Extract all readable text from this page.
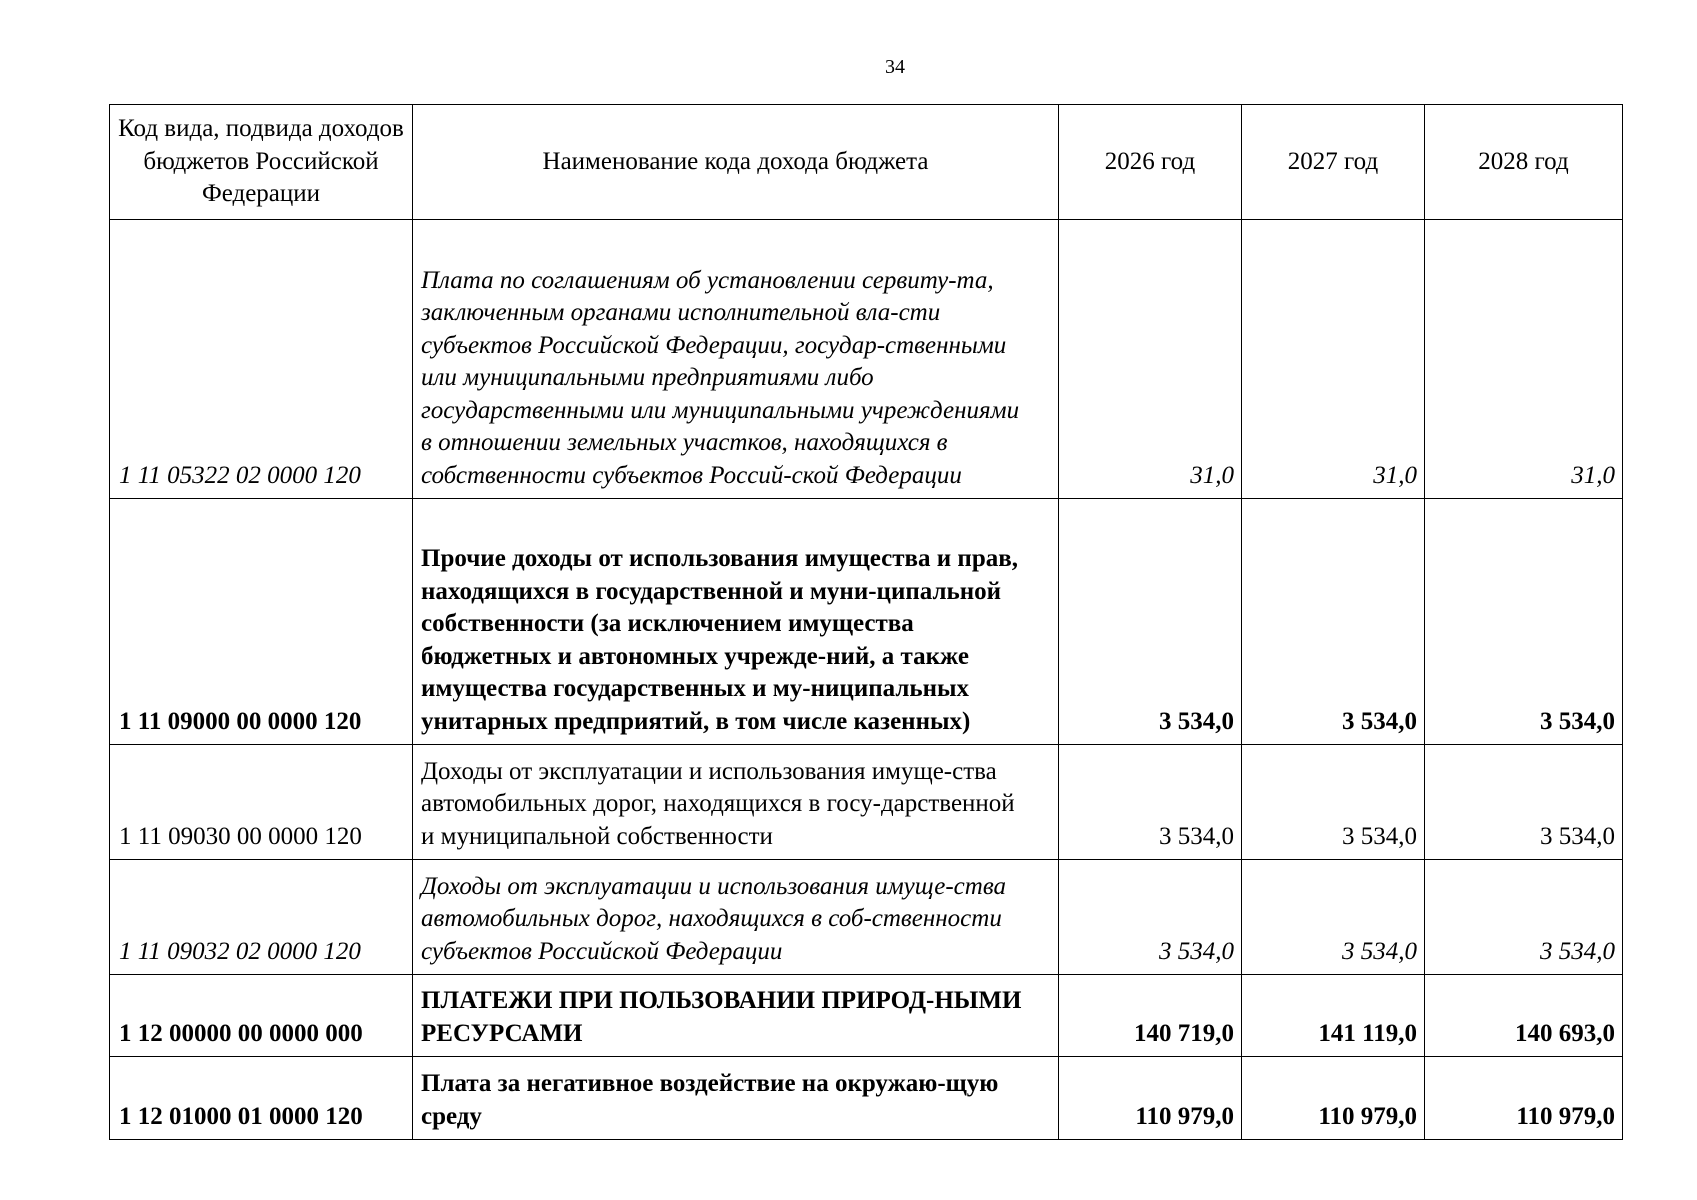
34
Код вида, подвида доходов бюджетов Российской Федерации	Наименование кода дохода бюджета	2026 год	2027 год	2028 год
1 11 05322 02 0000 120	Плата по соглашениям об установлении сервиту-та, заключенным органами исполнительной вла-сти субъектов Российской Федерации, государ-ственными или муниципальными предприятиями либо государственными или муниципальными учреждениями в отношении земельных участков, находящихся в собственности субъектов Россий-ской Федерации	31,0	31,0	31,0
1 11 09000 00 0000 120	Прочие доходы от использования имущества и прав, находящихся в государственной и муни-ципальной собственности (за исключением имущества бюджетных и автономных учрежде-ний, а также имущества государственных и му-ниципальных унитарных предприятий, в том числе казенных)	3 534,0	3 534,0	3 534,0
1 11 09030 00 0000 120	Доходы от эксплуатации и использования имуще-ства автомобильных дорог, находящихся в госу-дарственной и муниципальной собственности	3 534,0	3 534,0	3 534,0
1 11 09032 02 0000 120	Доходы от эксплуатации и использования имуще-ства автомобильных дорог, находящихся в соб-ственности субъектов Российской Федерации	3 534,0	3 534,0	3 534,0
1 12 00000 00 0000 000	ПЛАТЕЖИ ПРИ ПОЛЬЗОВАНИИ ПРИРОД-НЫМИ РЕСУРСАМИ	140 719,0	141 119,0	140 693,0
1 12 01000 01 0000 120	Плата за негативное воздействие на окружаю-щую среду	110 979,0	110 979,0	110 979,0
